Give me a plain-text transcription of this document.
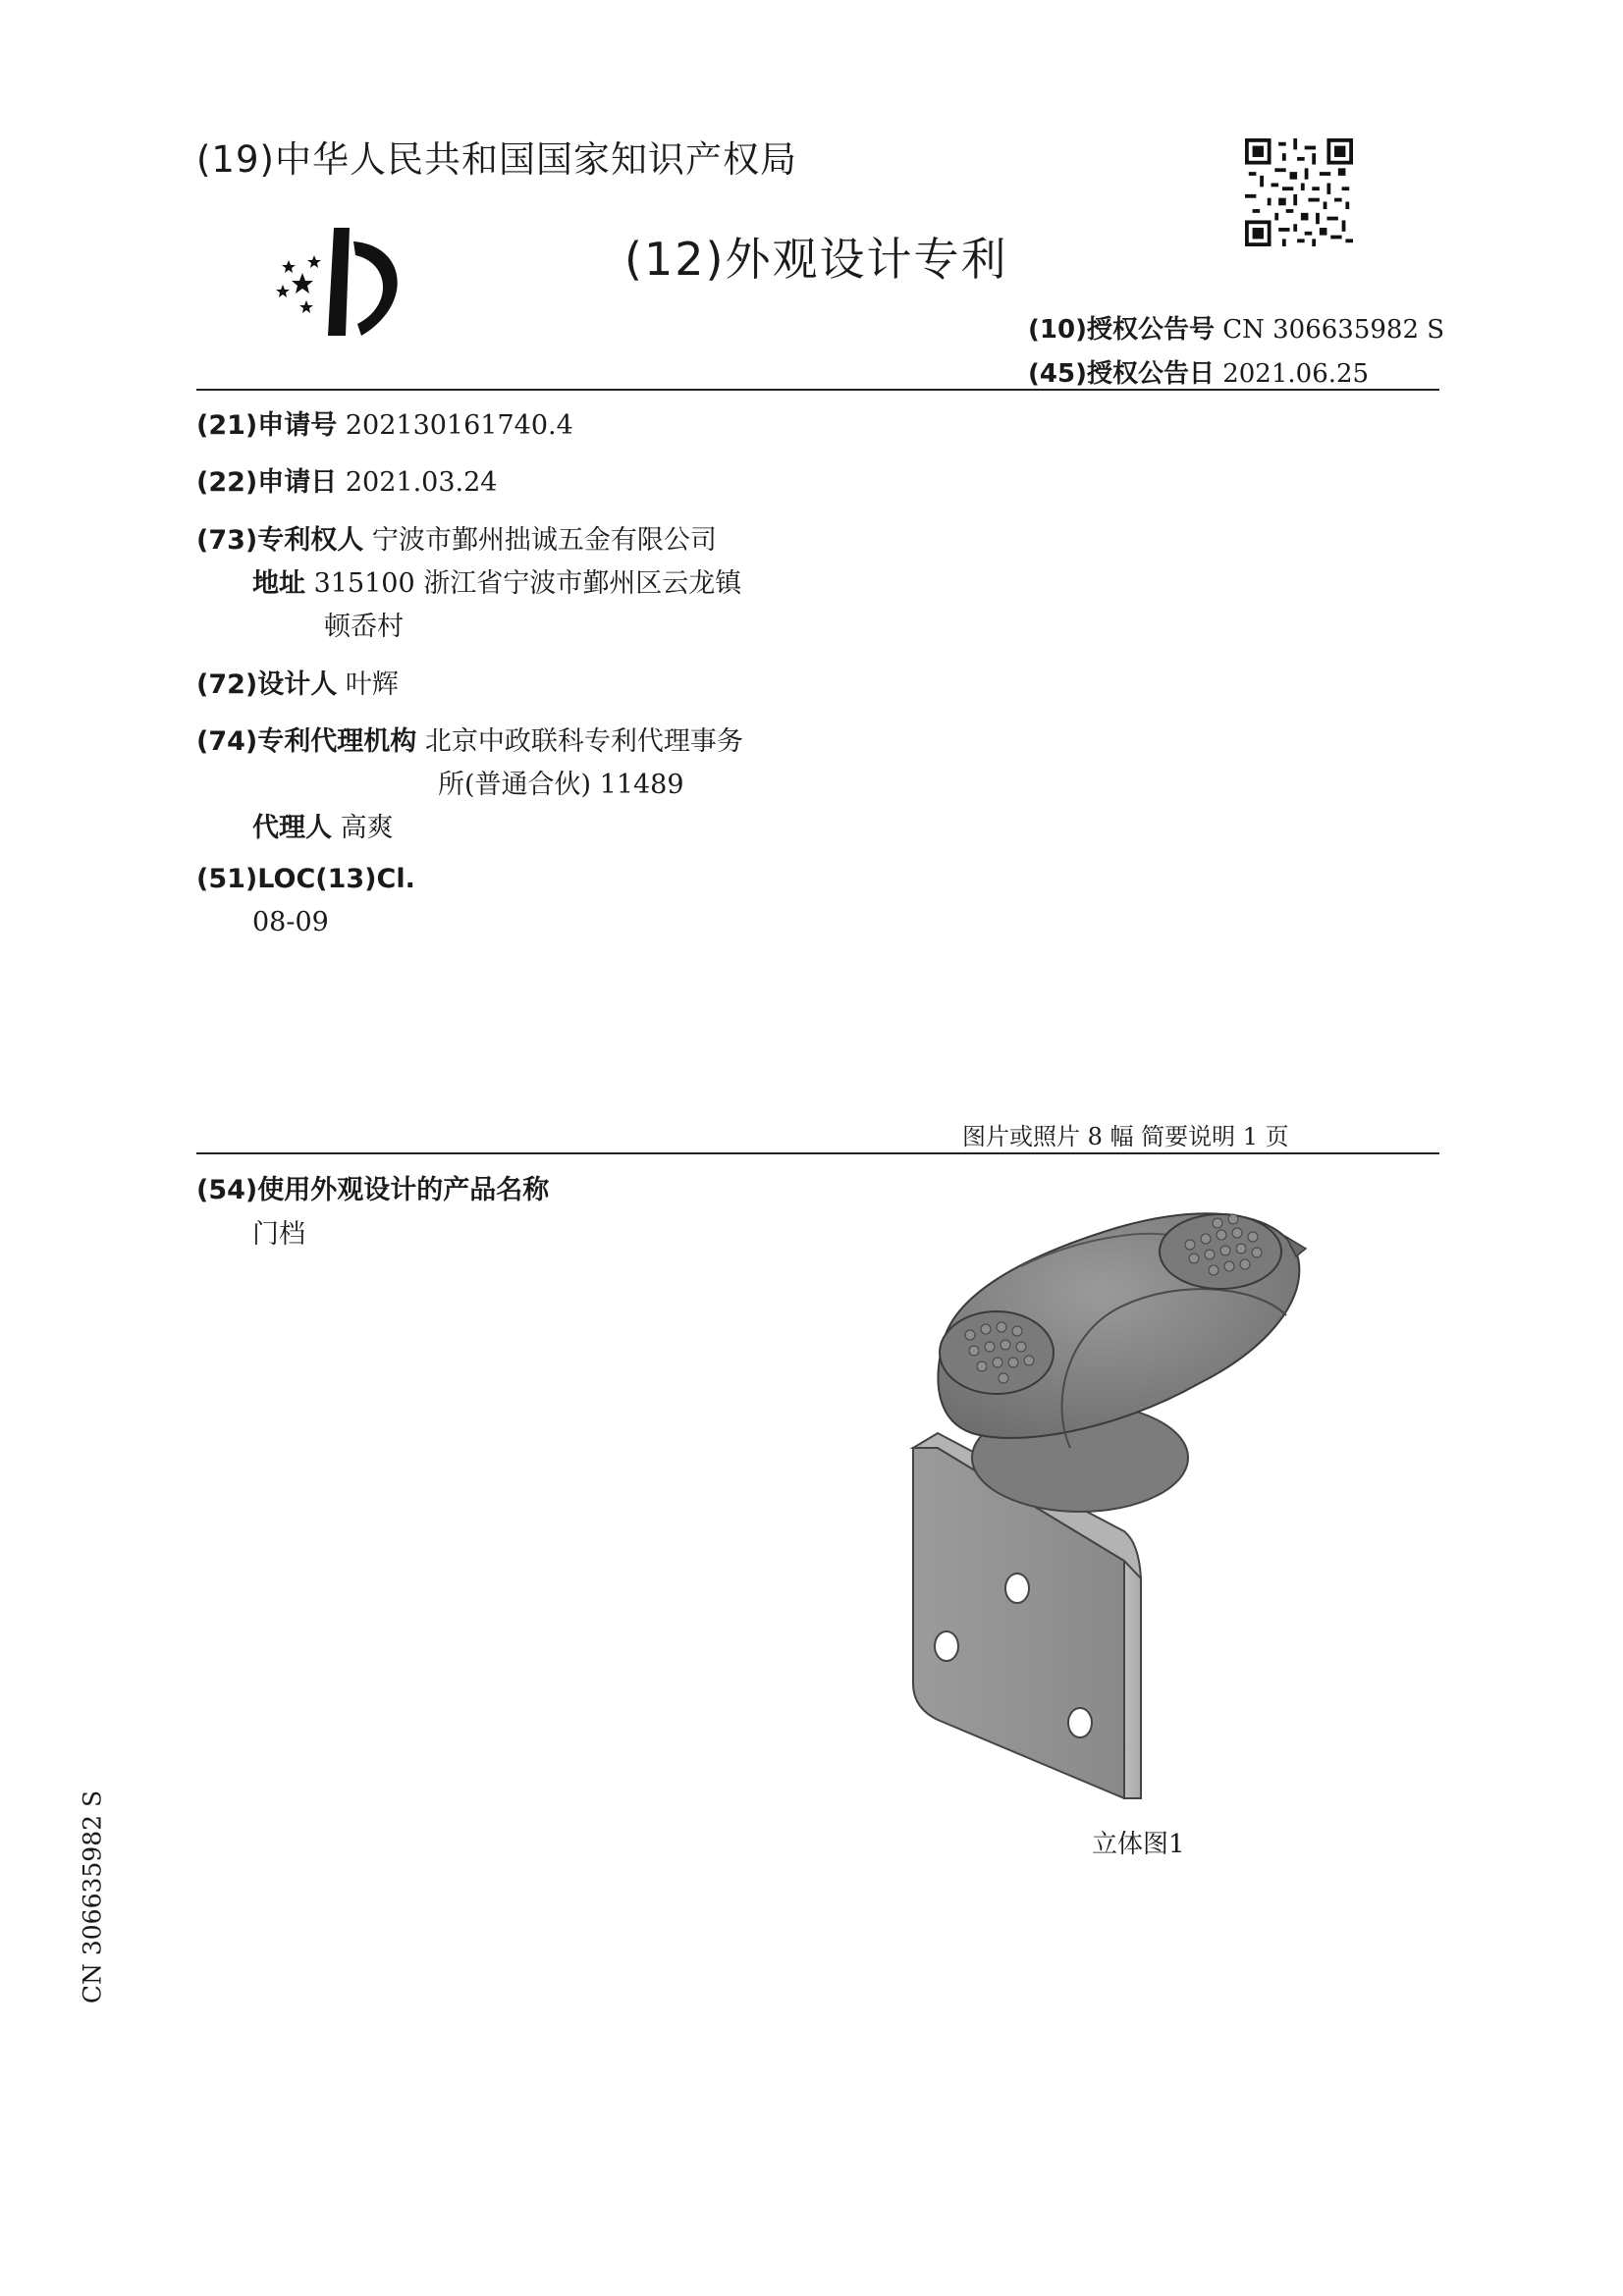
(19)中华人民共和国国家知识产权局
(12)外观设计专利
(10)授权公告号 CN 306635982 S
(45)授权公告日 2021.06.25
(21)申请号 202130161740.4
(22)申请日 2021.03.24
(73)专利权人 宁波市鄞州拙诚五金有限公司
地址 315100 浙江省宁波市鄞州区云龙镇
顿岙村
(72)设计人 叶辉
(74)专利代理机构 北京中政联科专利代理事务
所(普通合伙) 11489
代理人 高爽
(51)LOC(13)Cl.
08-09
图片或照片 8 幅 简要说明 1 页
(54)使用外观设计的产品名称
门档
立体图1
CN 306635982 S
